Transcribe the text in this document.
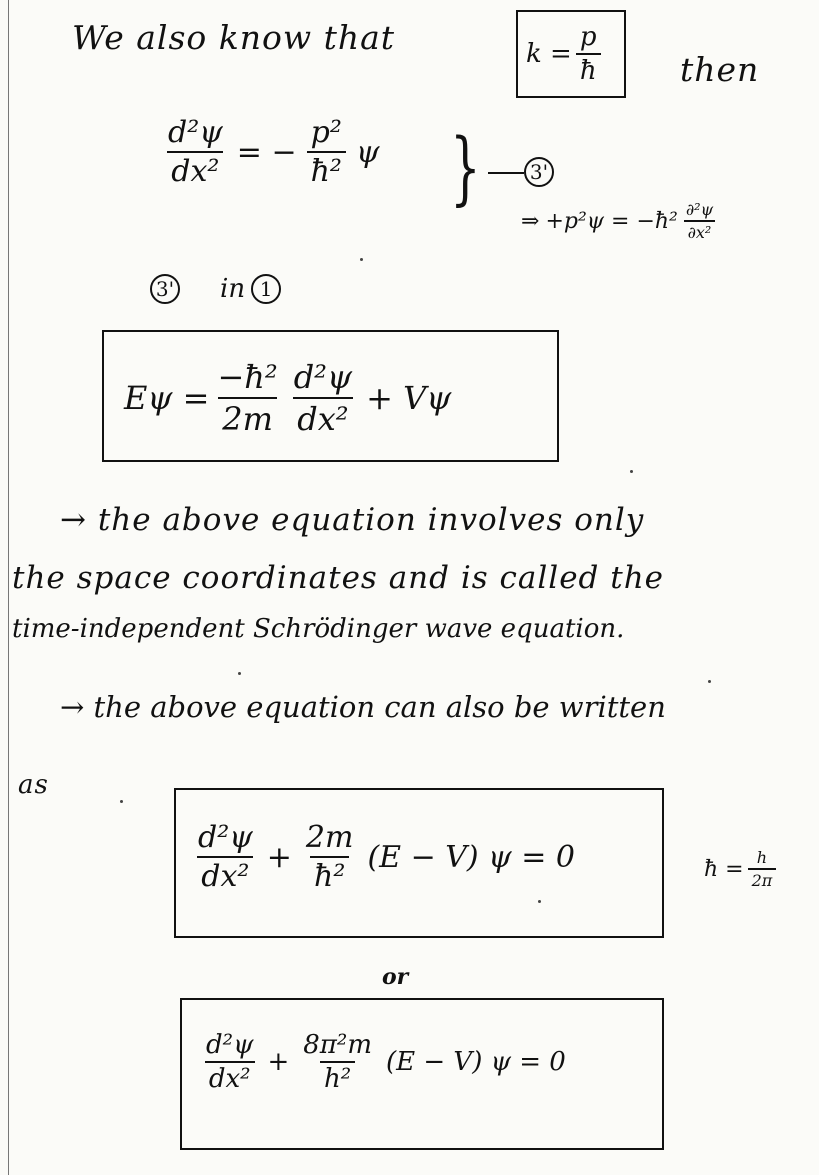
We also know that	$k = \frac{p}{ħ}$ then
$\frac{\text{d²ψ}}{\text{dx²}}$ = − $\frac{\text{p²}}{\text{ħ²}}$ ψ } 3'
⇒ +p²ψ = −ħ² $\frac{\text{∂²ψ}}{\text{∂x²}}$
3' in 1
$E\psi = \frac{\text{−ħ²}}{2m} \frac{\text{d²ψ}}{\text{dx²}} + V\psi$
→ the above equation involves only
the space coordinates and is called the
time-independent Schrödinger wave equation.
→ the above equation can also be written
as
$\frac{\text{d²ψ}}{\text{dx²}} + \frac{2m}{\text{ħ²}} (E - V) \psi = 0$	ħ = $\frac{h}{2\pi}$
or
$\frac{\text{d²ψ}}{\text{dx²}} + \frac{\text{8π²m}}{\text{h²}} (E - V) \psi = 0$
